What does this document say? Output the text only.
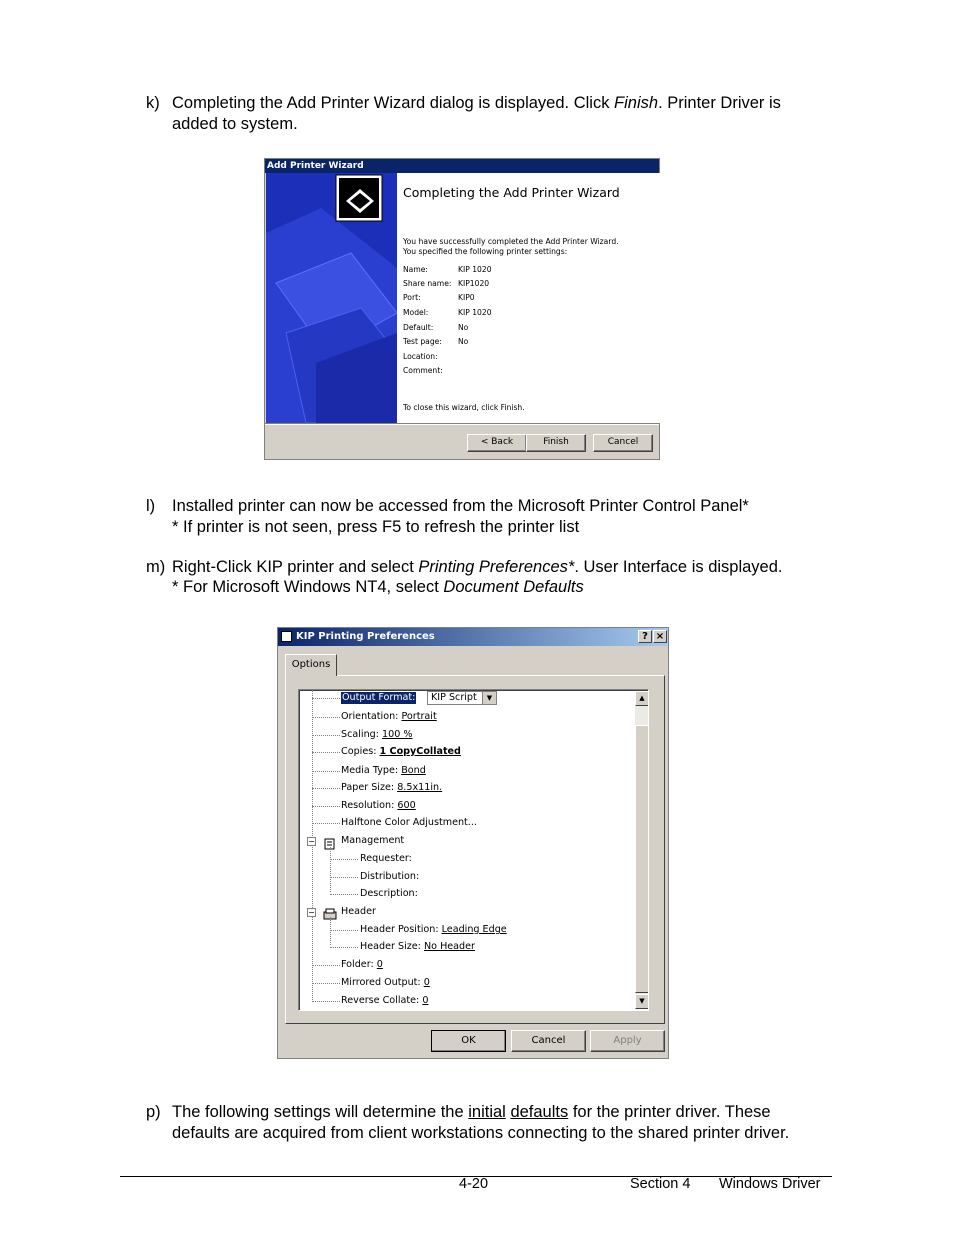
k) Completing the Add Printer Wizard dialog is displayed. Click Finish. Printer Driver is
added to system.
Add Printer Wizard
Completing the Add Printer Wizard
You have successfully completed the Add Printer Wizard.
You specified the following printer settings:
Name:	KIP 1020
Share name: KIP1020
Port:	KIP0
Model:	KIP 1020
Default:	No
Test page: No
Location:
Comment:
To close this wizard, click Finish.
< Back	Finish	Cancel
l) Installed printer can now be accessed from the Microsoft Printer Control Panel*
* If printer is not seen, press F5 to refresh the printer list
m) Right-Click KIP printer and select Printing Preferences*. User Interface is displayed.
* For Microsoft Windows NT4, select Document Defaults
KIP Printing Preferences	? ×
Options
Output Format:	KIP Script	▼
Orientation: Portrait
Scaling: 100 %
Copies: 1 CopyCollated
Media Type: Bond
Paper Size: 8.5x11in.
Resolution: 600
Halftone Color Adjustment...
−	Management
Requester:
Distribution:
Description:
−	Header
Header Position: Leading Edge
Header Size: No Header
Folder: 0
Mirrored Output: 0
Reverse Collate: 0
▲
▼
OK	Cancel	Apply
p) The following settings will determine the initial defaults for the printer driver. These
defaults are acquired from client workstations connecting to the shared printer driver.
4-20	Section 4 Windows Driver
